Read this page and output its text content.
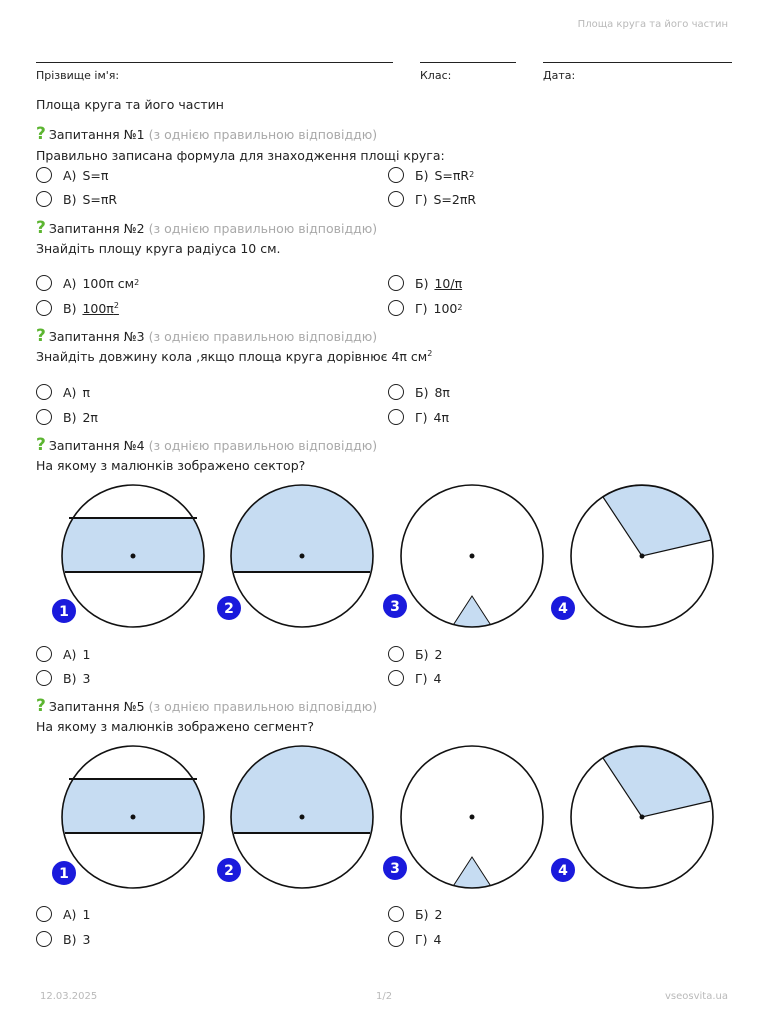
Площа круга та його частин
Прізвище ім'я:	Клас:	Дата:
Площа круга та його частин
? Запитання №1 (з однією правильною відповіддю)
Правильно записана формула для знаходження площі круга:
А) S=π	Б) S=πR 2
В) S=πR	Г) S=2πR
? Запитання №2 (з однією правильною відповіддю)
Знайдіть площу круга радіуса 10 см.
А) 100π см 2	Б) 10/π
В) $100\pi^2$	Г) 100 2
? Запитання №3 (з однією правильною відповіддю)
Знайдіть довжину кола ,якщо площа круга дорівнює 4π $см^2$
А) π	Б) 8π
В) 2π	Г) 4π
? Запитання №4 (з однією правильною відповіддю)
На якому з малюнків зображено сектор?
1	2	3	4
А) 1	Б) 2
В) 3	Г) 4
? Запитання №5 (з однією правильною відповіддю)
На якому з малюнків зображено сегмент?
1	2	3	4
А) 1	Б) 2
В) 3	Г) 4
12.03.2025	1/2	vseosvita.ua
